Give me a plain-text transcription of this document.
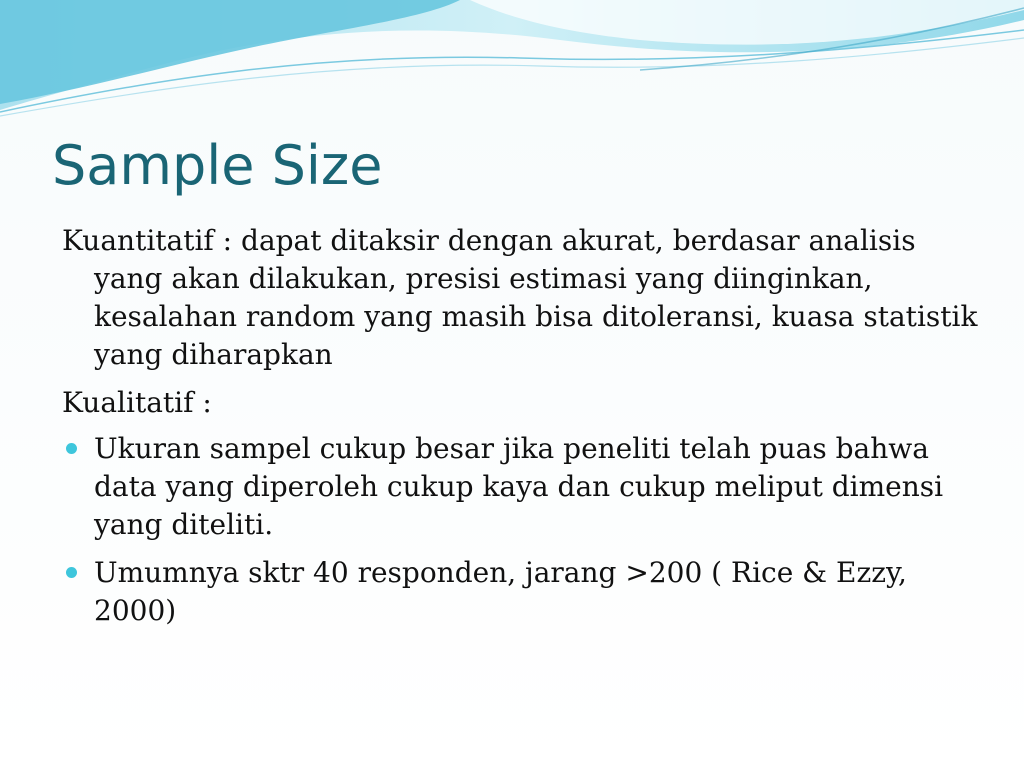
Sample Size

Kuantitatif : dapat ditaksir dengan akurat, berdasar analisis yang akan dilakukan, presisi estimasi yang diinginkan, kesalahan random yang masih bisa ditoleransi, kuasa statistik yang diharapkan

Kualitatif :

Ukuran sampel cukup besar jika peneliti telah puas bahwa data yang diperoleh cukup kaya dan cukup meliput dimensi yang diteliti.
Umumnya sktr 40 responden, jarang >200 ( Rice & Ezzy, 2000)
